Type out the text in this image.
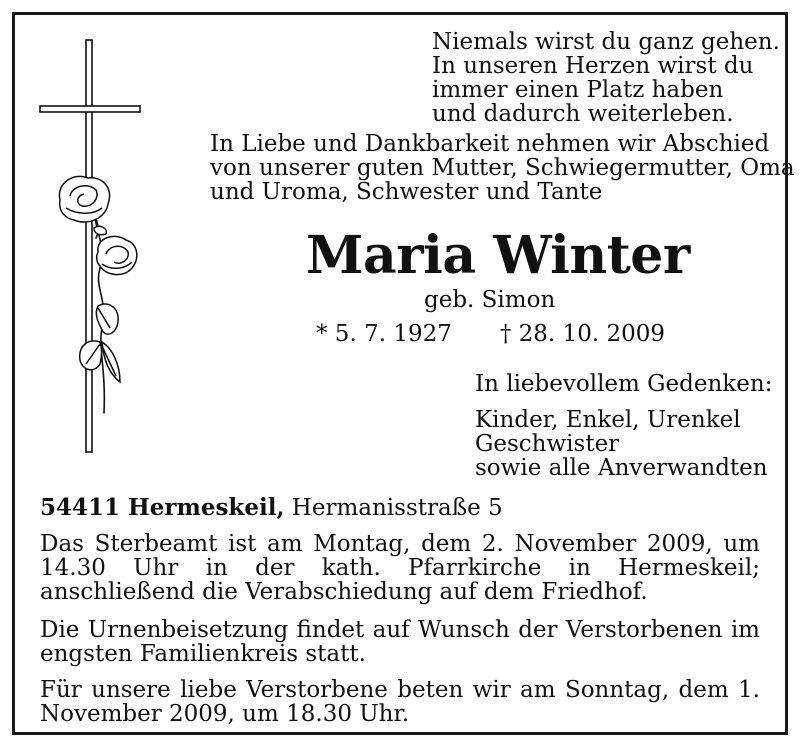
Niemals wirst du ganz gehen.
In unseren Herzen wirst du
immer einen Platz haben
und dadurch weiterleben.
In Liebe und Dankbarkeit nehmen wir Abschied
von unserer guten Mutter, Schwiegermutter, Oma
und Uroma, Schwester und Tante
Maria Winter
geb. Simon
* 5. 7. 1927 † 28. 10. 2009
In liebevollem Gedenken:
Kinder, Enkel, Urenkel
Geschwister
sowie alle Anverwandten
54411 Hermeskeil, Hermanisstraße 5
Das Sterbeamt ist am Montag, dem 2. November 2009, um 14.30 Uhr in der kath. Pfarrkirche in Hermeskeil; anschließend die Verabschiedung auf dem Friedhof.
Die Urnenbeisetzung findet auf Wunsch der Verstorbenen im engsten Familienkreis statt.
Für unsere liebe Verstorbene beten wir am Sonntag, dem 1. November 2009, um 18.30 Uhr.
